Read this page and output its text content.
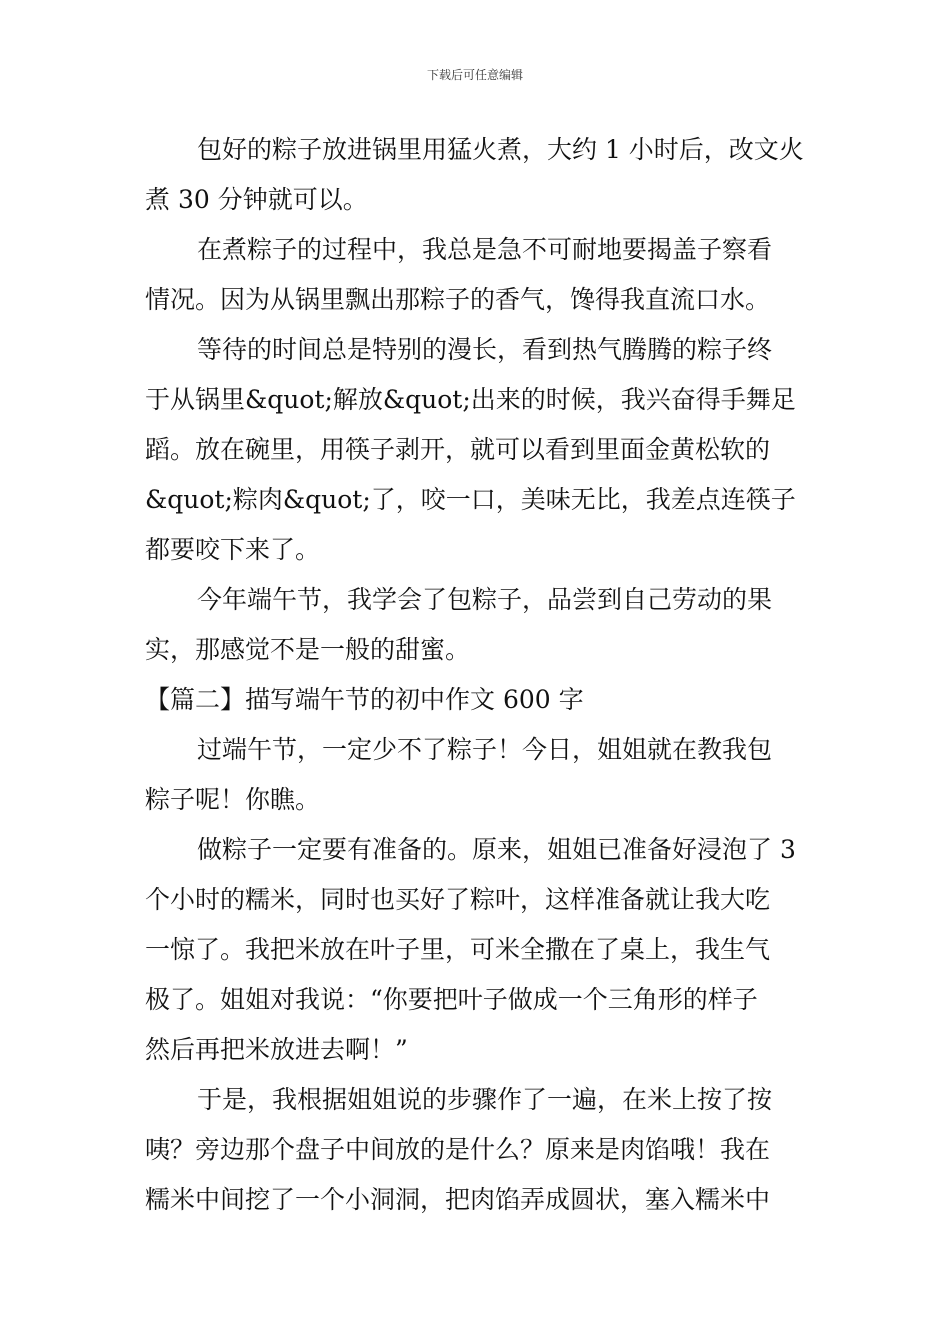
下载后可任意编辑
包好的粽子放进锅里用猛火煮，大约 1 小时后，改文火
煮 30 分钟就可以。
在煮粽子的过程中，我总是急不可耐地要揭盖子察看
情况。因为从锅里飘出那粽子的香气，馋得我直流口水。
等待的时间总是特别的漫长，看到热气腾腾的粽子终
于从锅里&quot;解放&quot;出来的时候，我兴奋得手舞足
蹈。放在碗里，用筷子剥开，就可以看到里面金黄松软的
&quot;粽肉&quot;了，咬一口，美味无比，我差点连筷子
都要咬下来了。
今年端午节，我学会了包粽子，品尝到自己劳动的果
实，那感觉不是一般的甜蜜。
【篇二】描写端午节的初中作文 600 字
过端午节，一定少不了粽子！今日，姐姐就在教我包
粽子呢！你瞧。
做粽子一定要有准备的。原来，姐姐已准备好浸泡了 3
个小时的糯米，同时也买好了粽叶，这样准备就让我大吃
一惊了。我把米放在叶子里，可米全撒在了桌上，我生气
极了。姐姐对我说：“你要把叶子做成一个三角形的样子
然后再把米放进去啊！”
于是，我根据姐姐说的步骤作了一遍，在米上按了按
咦？旁边那个盘子中间放的是什么？原来是肉馅哦！我在
糯米中间挖了一个小洞洞，把肉馅弄成圆状，塞入糯米中
